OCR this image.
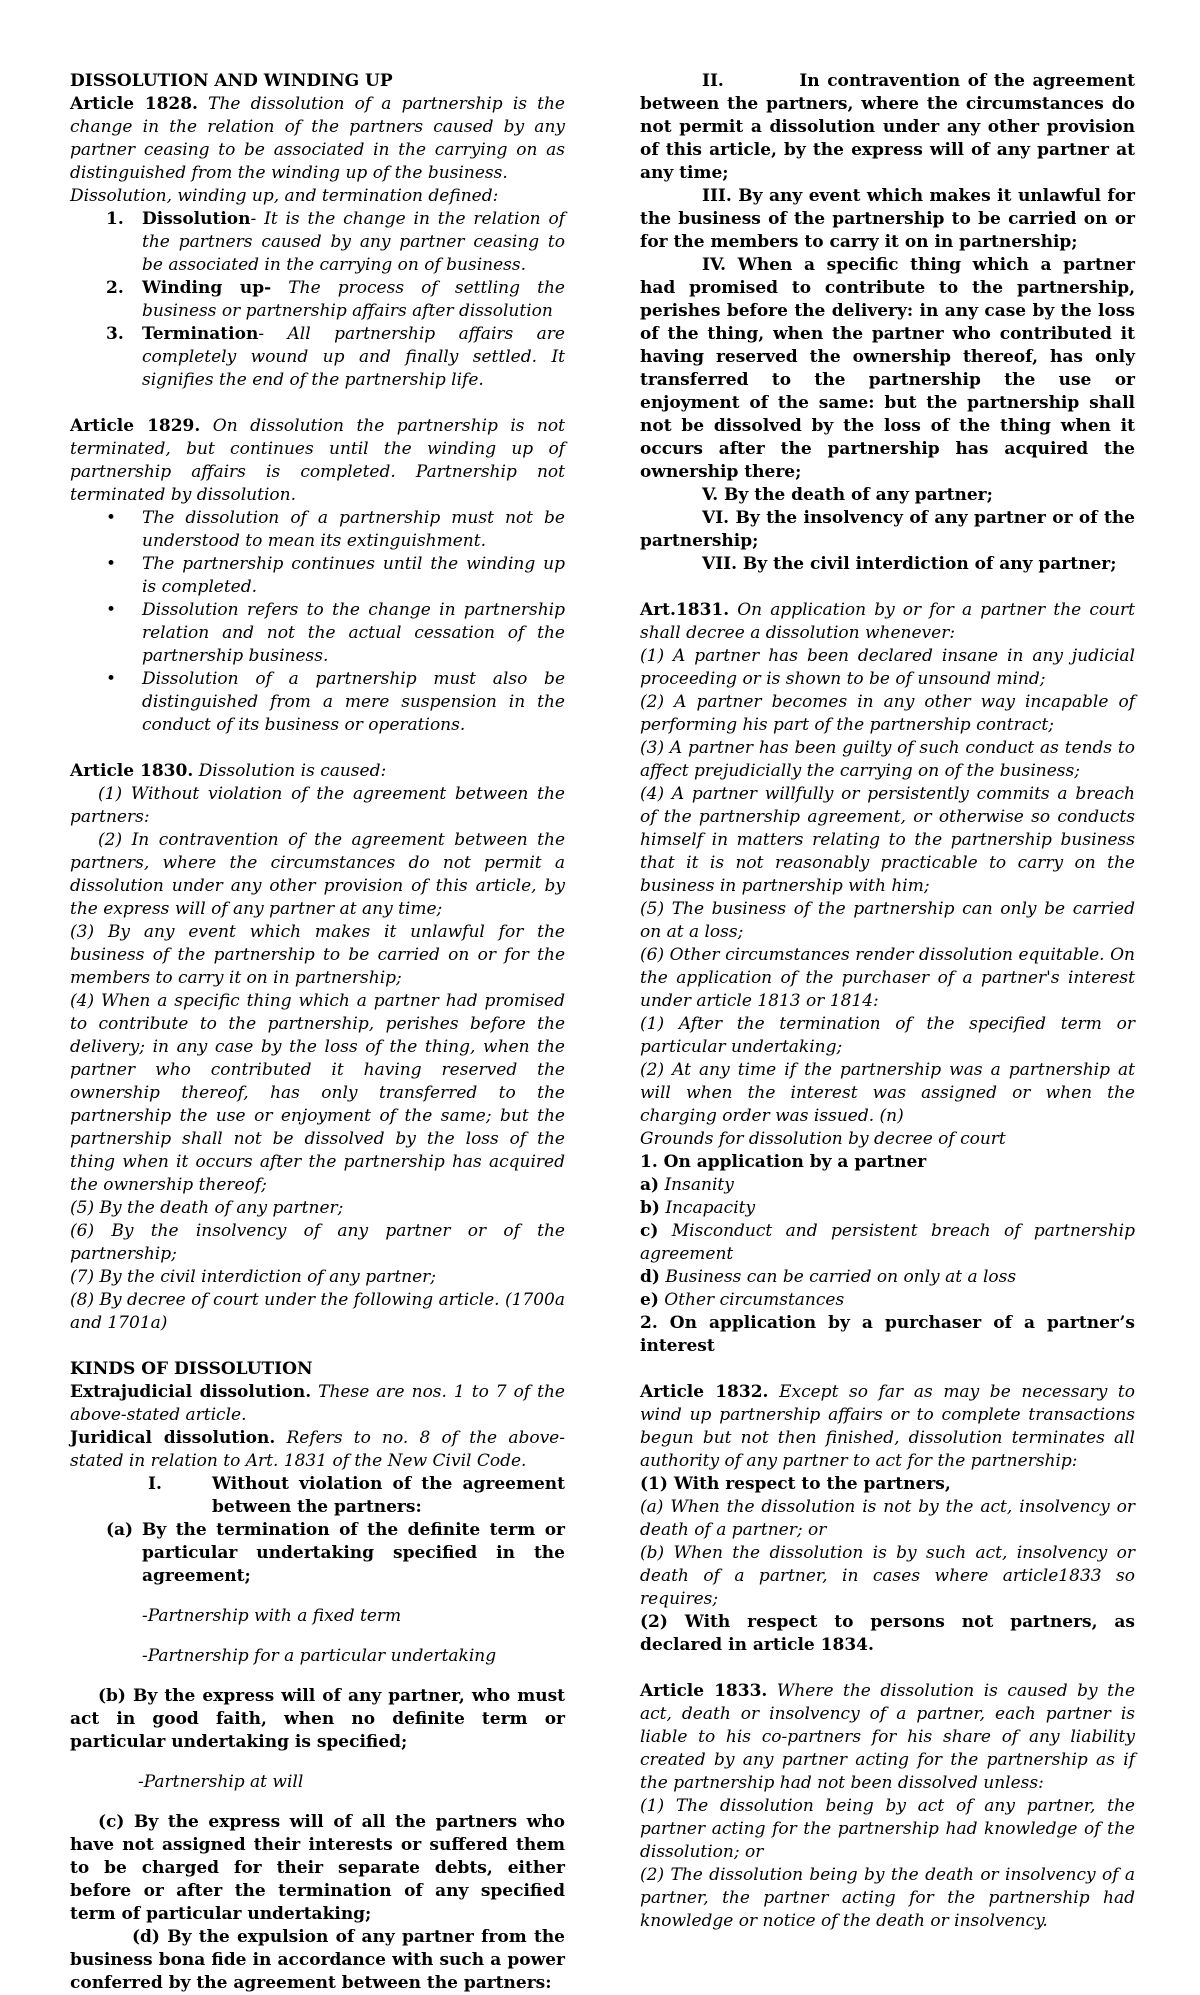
DISSOLUTION AND WINDING UP

Article 1828. The dissolution of a partnership is the change in the relation of the partners caused by any partner ceasing to be associated in the carrying on as distinguished from the winding up of the business.

Dissolution, winding up, and termination defined:

1. Dissolution- It is the change in the relation of the partners caused by any partner ceasing to be associated in the carrying on of business.
2. Winding up- The process of settling the business or partnership affairs after dissolution
3. Termination- All partnership affairs are completely wound up and finally settled. It signifies the end of the partnership life.

Article 1829. On dissolution the partnership is not terminated, but continues until the winding up of partnership affairs is completed. Partnership not terminated by dissolution.

• The dissolution of a partnership must not be understood to mean its extinguishment.
• The partnership continues until the winding up is completed.
• Dissolution refers to the change in partnership relation and not the actual cessation of the partnership business.
• Dissolution of a partnership must also be distinguished from a mere suspension in the conduct of its business or operations.

Article 1830. Dissolution is caused:

(1) Without violation of the agreement between the partners:

(2) In contravention of the agreement between the partners, where the circumstances do not permit a dissolution under any other provision of this article, by the express will of any partner at any time;

(3) By any event which makes it unlawful for the business of the partnership to be carried on or for the members to carry it on in partnership;

(4) When a specific thing which a partner had promised to contribute to the partnership, perishes before the delivery; in any case by the loss of the thing, when the partner who contributed it having reserved the ownership thereof, has only transferred to the partnership the use or enjoyment of the same; but the partnership shall not be dissolved by the loss of the thing when it occurs after the partnership has acquired the ownership thereof;

(5) By the death of any partner;

(6) By the insolvency of any partner or of the partnership;

(7) By the civil interdiction of any partner;

(8) By decree of court under the following article. (1700a and 1701a)

KINDS OF DISSOLUTION

Extrajudicial dissolution. These are nos. 1 to 7 of the above-stated article.

Juridical dissolution. Refers to no. 8 of the above-stated in relation to Art. 1831 of the New Civil Code.

I.	Without violation of the agreement between the partners:
(a) By the termination of the definite term or particular undertaking specified in the agreement;

-Partnership with a fixed term

-Partnership for a particular undertaking

(b) By the express will of any partner, who must act in good faith, when no definite term or particular undertaking is specified;

-Partnership at will

(c) By the express will of all the partners who have not assigned their interests or suffered them to be charged for their separate debts, either before or after the termination of any specified term of particular undertaking;

(d) By the expulsion of any partner from the business bona fide in accordance with such a power conferred by the agreement between the partners:

II.          In contravention of the agreement between the partners, where the circumstances do not permit a dissolution under any other provision of this article, by the express will of any partner at any time;

III. By any event which makes it unlawful for the business of the partnership to be carried on or for the members to carry it on in partnership;

IV. When a specific thing which a partner had promised to contribute to the partnership, perishes before the delivery: in any case by the loss of the thing, when the partner who contributed it having reserved the ownership thereof, has only transferred to the partnership the use or enjoyment of the same: but the partnership shall not be dissolved by the loss of the thing when it occurs after the partnership has acquired the ownership there;

V. By the death of any partner;

VI. By the insolvency of any partner or of the partnership;

VII. By the civil interdiction of any partner;

Art.1831. On application by or for a partner the court shall decree a dissolution whenever:

(1) A partner has been declared insane in any judicial proceeding or is shown to be of unsound mind;

(2) A partner becomes in any other way incapable of performing his part of the partnership contract;

(3) A partner has been guilty of such conduct as tends to affect prejudicially the carrying on of the business;

(4) A partner willfully or persistently commits a breach of the partnership agreement, or otherwise so conducts himself in matters relating to the partnership business that it is not reasonably practicable to carry on the business in partnership with him;

(5) The business of the partnership can only be carried on at a loss;

(6) Other circumstances render dissolution equitable. On the application of the purchaser of a partner's interest under article 1813 or 1814:

(1) After the termination of the specified term or particular undertaking;

(2) At any time if the partnership was a partnership at will when the interest was assigned or when the charging order was issued. (n)

Grounds for dissolution by decree of court

1. On application by a partner

a) Insanity

b) Incapacity

c) Misconduct and persistent breach of partnership agreement

d) Business can be carried on only at a loss

e) Other circumstances

2. On application by a purchaser of a partner’s interest

Article 1832. Except so far as may be necessary to wind up partnership affairs or to complete transactions begun but not then finished, dissolution terminates all authority of any partner to act for the partnership:

(1) With respect to the partners,

(a) When the dissolution is not by the act, insolvency or death of a partner; or

(b) When the dissolution is by such act, insolvency or death of a partner, in cases where article1833 so requires;

(2) With respect to persons not partners, as declared in article 1834.

Article 1833. Where the dissolution is caused by the act, death or insolvency of a partner, each partner is liable to his co-partners for his share of any liability created by any partner acting for the partnership as if the partnership had not been dissolved unless:

(1) The dissolution being by act of any partner, the partner acting for the partnership had knowledge of the dissolution; or

(2) The dissolution being by the death or insolvency of a partner, the partner acting for the partnership had knowledge or notice of the death or insolvency.
